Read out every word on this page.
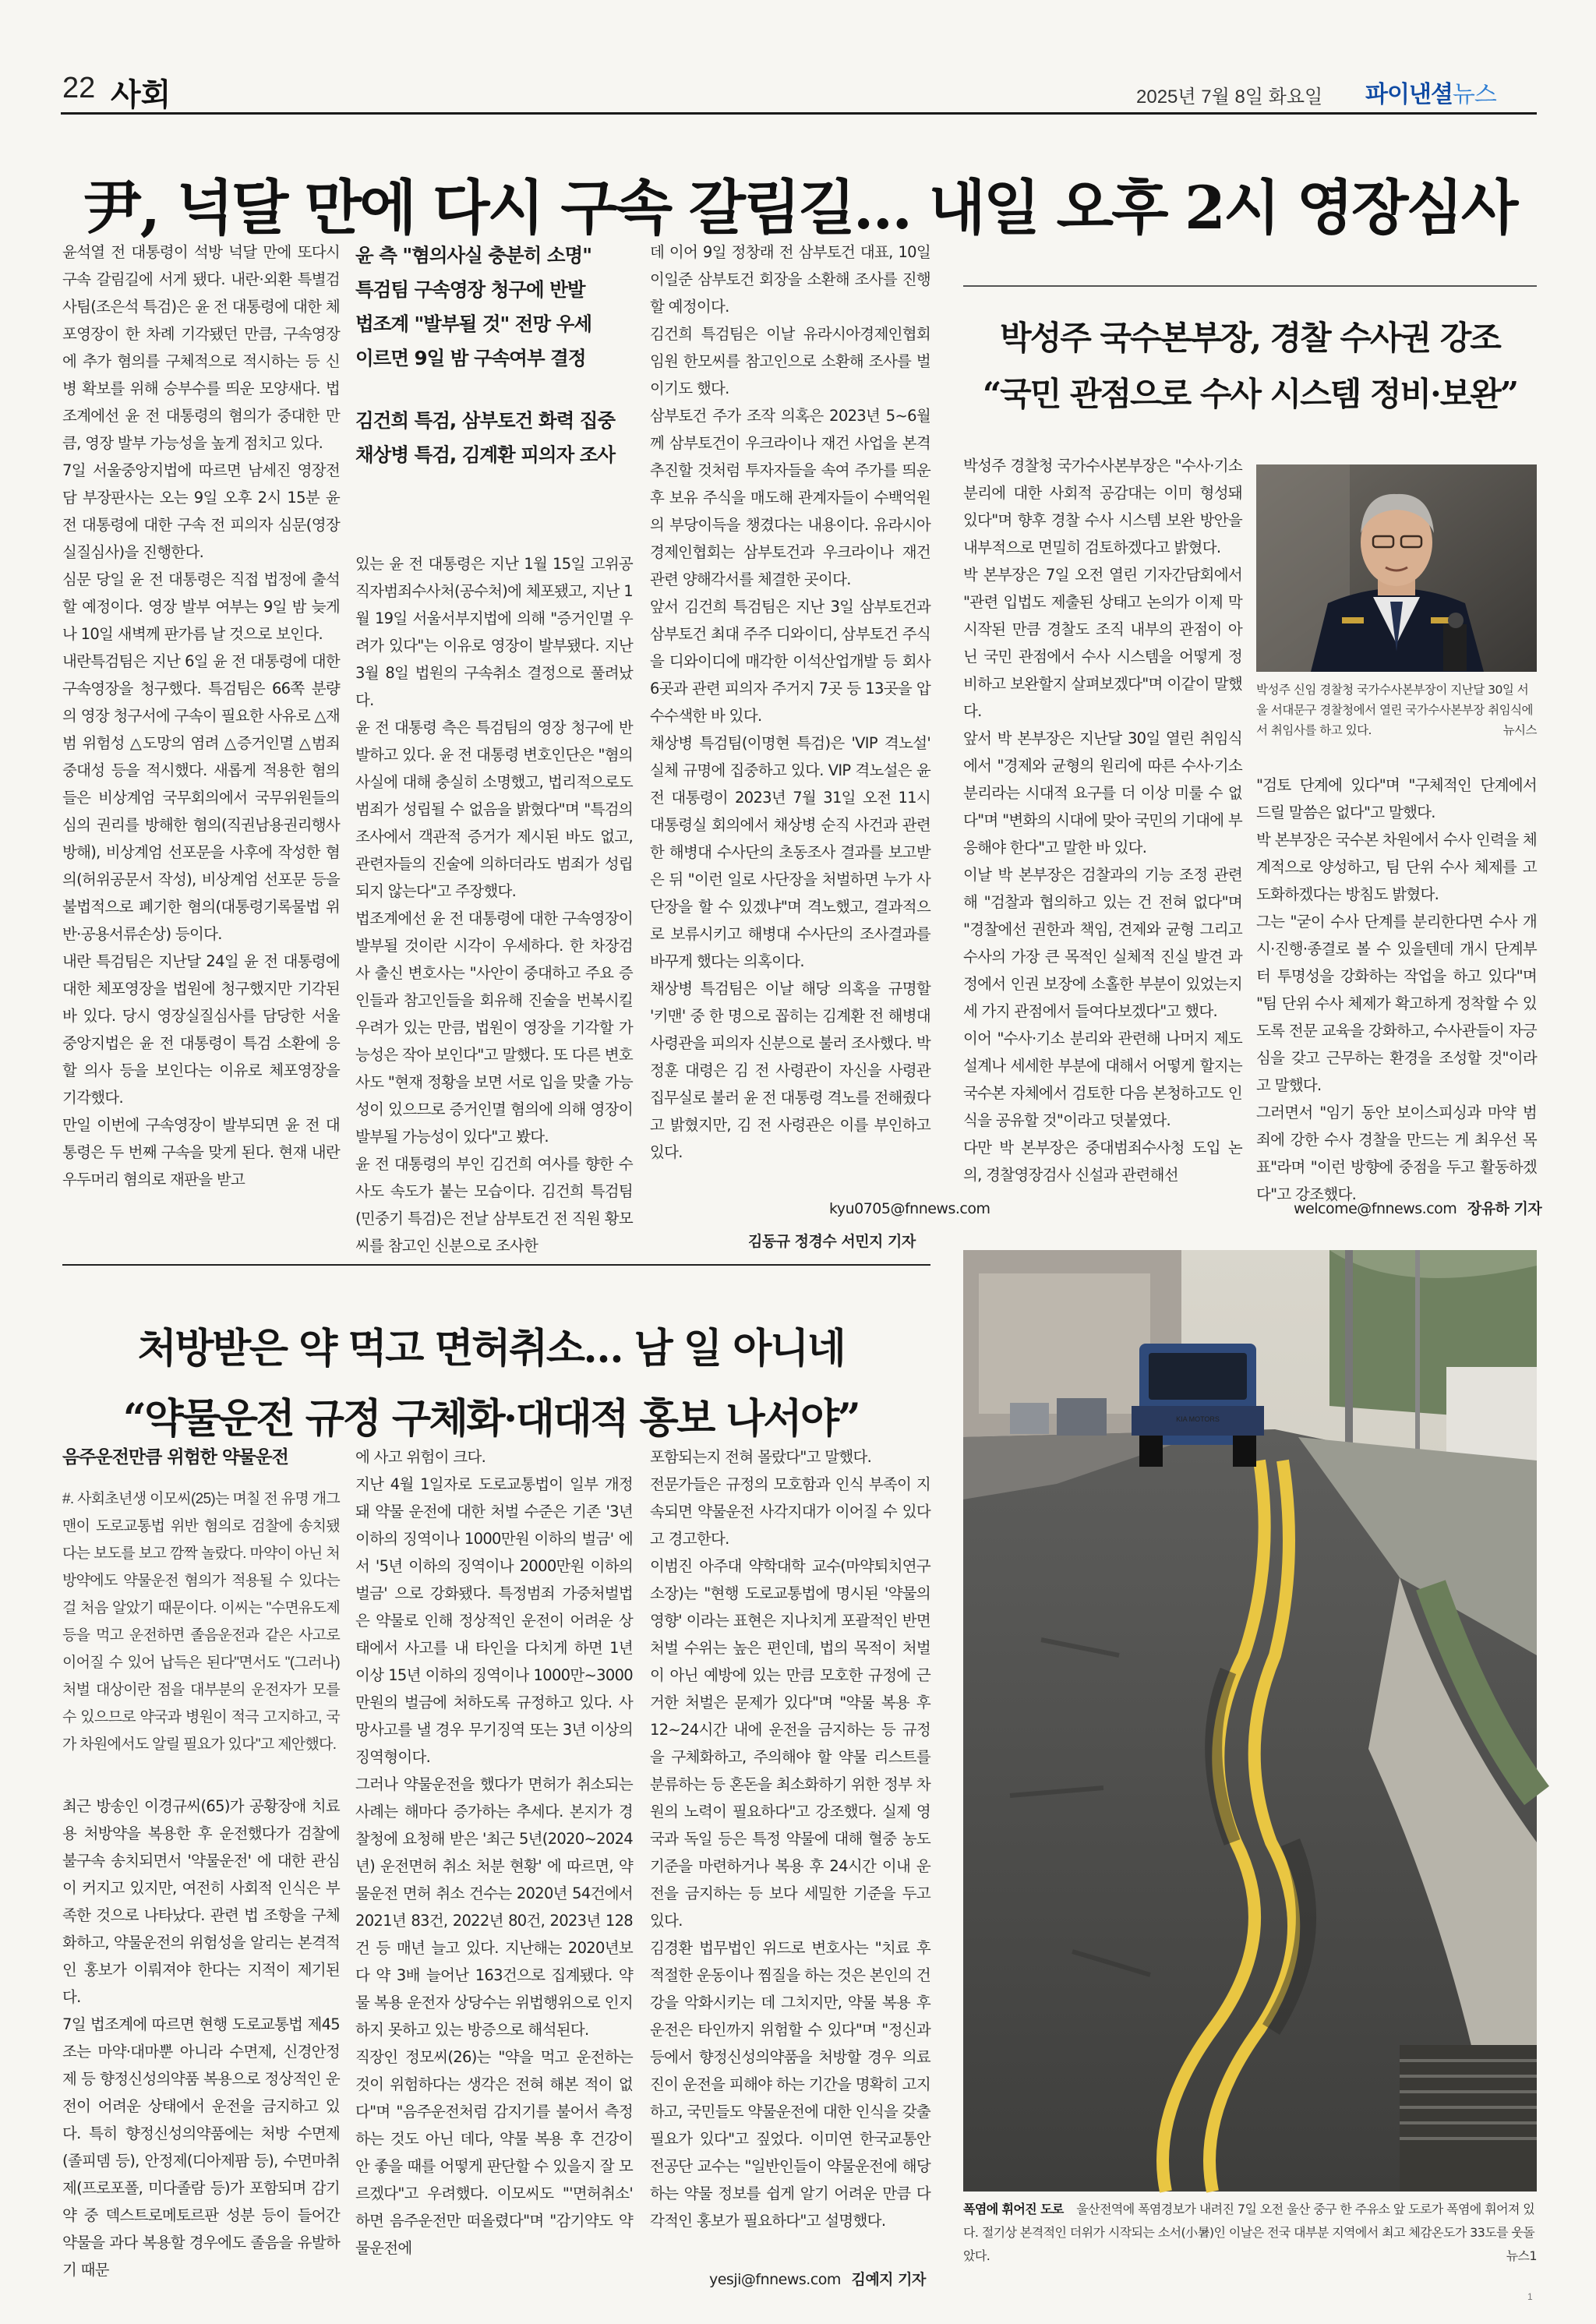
22 사회	2025년 7월 8일 화요일 파이낸셜뉴스
尹, 넉달 만에 다시 구속 갈림길… 내일 오후 2시 영장심사

윤석열 전 대통령이 석방 넉달 만에 또다시 구속 갈림길에 서게 됐다. 내란·외환 특별검사팀(조은석 특검)은 윤 전 대통령에 대한 체포영장이 한 차례 기각됐던 만큼, 구속영장에 추가 혐의를 구체적으로 적시하는 등 신병 확보를 위해 승부수를 띄운 모양새다. 법조계에선 윤 전 대통령의 혐의가 중대한 만큼, 영장 발부 가능성을 높게 점치고 있다.

7일 서울중앙지법에 따르면 남세진 영장전담 부장판사는 오는 9일 오후 2시 15분 윤 전 대통령에 대한 구속 전 피의자 심문(영장실질심사)을 진행한다.

심문 당일 윤 전 대통령은 직접 법정에 출석할 예정이다. 영장 발부 여부는 9일 밤 늦게나 10일 새벽께 판가름 날 것으로 보인다.

내란특검팀은 지난 6일 윤 전 대통령에 대한 구속영장을 청구했다. 특검팀은 66쪽 분량의 영장 청구서에 구속이 필요한 사유로 △재범 위험성 △도망의 염려 △증거인멸 △범죄 중대성 등을 적시했다. 새롭게 적용한 혐의들은 비상계엄 국무회의에서 국무위원들의 심의 권리를 방해한 혐의(직권남용권리행사방해), 비상계엄 선포문을 사후에 작성한 혐의(허위공문서 작성), 비상계엄 선포문 등을 불법적으로 폐기한 혐의(대통령기록물법 위반·공용서류손상) 등이다.

내란 특검팀은 지난달 24일 윤 전 대통령에 대한 체포영장을 법원에 청구했지만 기각된 바 있다. 당시 영장실질심사를 담당한 서울중앙지법은 윤 전 대통령이 특검 소환에 응할 의사 등을 보인다는 이유로 체포영장을 기각했다.

만일 이번에 구속영장이 발부되면 윤 전 대통령은 두 번째 구속을 맞게 된다. 현재 내란 우두머리 혐의로 재판을 받고

윤 측 "혐의사실 충분히 소명"
특검팀 구속영장 청구에 반발
법조계 "발부될 것" 전망 우세
이르면 9일 밤 구속여부 결정
김건희 특검, 삼부토건 화력 집중
채상병 특검, 김계환 피의자 조사

있는 윤 전 대통령은 지난 1월 15일 고위공직자범죄수사처(공수처)에 체포됐고, 지난 1월 19일 서울서부지법에 의해 "증거인멸 우려가 있다"는 이유로 영장이 발부됐다. 지난 3월 8일 법원의 구속취소 결정으로 풀려났다.

윤 전 대통령 측은 특검팀의 영장 청구에 반발하고 있다. 윤 전 대통령 변호인단은 "혐의 사실에 대해 충실히 소명했고, 법리적으로도 범죄가 성립될 수 없음을 밝혔다"며 "특검의 조사에서 객관적 증거가 제시된 바도 없고, 관련자들의 진술에 의하더라도 범죄가 성립되지 않는다"고 주장했다.

법조계에선 윤 전 대통령에 대한 구속영장이 발부될 것이란 시각이 우세하다. 한 차장검사 출신 변호사는 "사안이 중대하고 주요 증인들과 참고인들을 회유해 진술을 번복시킬 우려가 있는 만큼, 법원이 영장을 기각할 가능성은 작아 보인다"고 말했다. 또 다른 변호사도 "현재 정황을 보면 서로 입을 맞출 가능성이 있으므로 증거인멸 혐의에 의해 영장이 발부될 가능성이 있다"고 봤다.

윤 전 대통령의 부인 김건희 여사를 향한 수사도 속도가 붙는 모습이다. 김건희 특검팀(민중기 특검)은 전날 삼부토건 전 직원 황모씨를 참고인 신분으로 조사한

데 이어 9일 정창래 전 삼부토건 대표, 10일 이일준 삼부토건 회장을 소환해 조사를 진행할 예정이다.

김건희 특검팀은 이날 유라시아경제인협회 임원 한모씨를 참고인으로 소환해 조사를 벌이기도 했다.

삼부토건 주가 조작 의혹은 2023년 5~6월께 삼부토건이 우크라이나 재건 사업을 본격 추진할 것처럼 투자자들을 속여 주가를 띄운 후 보유 주식을 매도해 관계자들이 수백억원의 부당이득을 챙겼다는 내용이다. 유라시아경제인협회는 삼부토건과 우크라이나 재건 관련 양해각서를 체결한 곳이다.

앞서 김건희 특검팀은 지난 3일 삼부토건과 삼부토건 최대 주주 디와이디, 삼부토건 주식을 디와이디에 매각한 이석산업개발 등 회사 6곳과 관련 피의자 주거지 7곳 등 13곳을 압수수색한 바 있다.

채상병 특검팀(이명현 특검)은 'VIP 격노설' 실체 규명에 집중하고 있다. VIP 격노설은 윤 전 대통령이 2023년 7월 31일 오전 11시 대통령실 회의에서 채상병 순직 사건과 관련한 해병대 수사단의 초동조사 결과를 보고받은 뒤 "이런 일로 사단장을 처벌하면 누가 사단장을 할 수 있겠냐"며 격노했고, 결과적으로 보류시키고 해병대 수사단의 조사결과를 바꾸게 했다는 의혹이다.

채상병 특검팀은 이날 해당 의혹을 규명할 '키맨' 중 한 명으로 꼽히는 김계환 전 해병대사령관을 피의자 신분으로 불러 조사했다. 박정훈 대령은 김 전 사령관이 자신을 사령관 집무실로 불러 윤 전 대통령 격노를 전해줬다고 밝혔지만, 김 전 사령관은 이를 부인하고 있다.

kyu0705@fnnews.com
김동규 정경수 서민지 기자
박성주 국수본부장, 경찰 수사권 강조
“국민 관점으로 수사 시스템 정비·보완”

박성주 경찰청 국가수사본부장은 "수사·기소 분리에 대한 사회적 공감대는 이미 형성돼 있다"며 향후 경찰 수사 시스템 보완 방안을 내부적으로 면밀히 검토하겠다고 밝혔다.

박 본부장은 7일 오전 열린 기자간담회에서 "관련 입법도 제출된 상태고 논의가 이제 막 시작된 만큼 경찰도 조직 내부의 관점이 아닌 국민 관점에서 수사 시스템을 어떻게 정비하고 보완할지 살펴보겠다"며 이같이 말했다.

앞서 박 본부장은 지난달 30일 열린 취임식에서 "경제와 균형의 원리에 따른 수사·기소 분리라는 시대적 요구를 더 이상 미룰 수 없다"며 "변화의 시대에 맞아 국민의 기대에 부응해야 한다"고 말한 바 있다.

이날 박 본부장은 검찰과의 기능 조정 관련해 "검찰과 협의하고 있는 건 전혀 없다"며 "경찰에선 권한과 책임, 견제와 균형 그리고 수사의 가장 큰 목적인 실체적 진실 발견 과정에서 인권 보장에 소홀한 부분이 있었는지 세 가지 관점에서 들여다보겠다"고 했다.

이어 "수사·기소 분리와 관련해 나머지 제도 설계나 세세한 부분에 대해서 어떻게 할지는 국수본 자체에서 검토한 다음 본청하고도 인식을 공유할 것"이라고 덧붙였다.

다만 박 본부장은 중대범죄수사청 도입 논의, 경찰영장검사 신설과 관련해선

박성주 신임 경찰청 국가수사본부장이 지난달 30일 서울 서대문구 경찰청에서 열린 국가수사본부장 취임식에서 취임사를 하고 있다.	뉴시스

"검토 단계에 있다"며 "구체적인 단계에서 드릴 말씀은 없다"고 말했다.

박 본부장은 국수본 차원에서 수사 인력을 체계적으로 양성하고, 팀 단위 수사 체제를 고도화하겠다는 방침도 밝혔다.

그는 "굳이 수사 단계를 분리한다면 수사 개시·진행·종결로 볼 수 있을텐데 개시 단계부터 투명성을 강화하는 작업을 하고 있다"며 "팀 단위 수사 체제가 확고하게 정착할 수 있도록 전문 교육을 강화하고, 수사관들이 자긍심을 갖고 근무하는 환경을 조성할 것"이라고 말했다.

그러면서 "임기 동안 보이스피싱과 마약 범죄에 강한 수사 경찰을 만드는 게 최우선 목표"라며 "이런 방향에 중점을 두고 활동하겠다"고 강조했다.

welcome@fnnews.com 장유하 기자
처방받은 약 먹고 면허취소… 남 일 아니네
“약물운전 규정 구체화·대대적 홍보 나서야”
음주운전만큼 위험한 약물운전

#. 사회초년생 이모씨(25)는 며칠 전 유명 개그맨이 도로교통법 위반 혐의로 검찰에 송치됐다는 보도를 보고 깜짝 놀랐다. 마약이 아닌 처방약에도 약물운전 혐의가 적용될 수 있다는 걸 처음 알았기 때문이다. 이씨는 "수면유도제 등을 먹고 운전하면 졸음운전과 같은 사고로 이어질 수 있어 납득은 된다"면서도 "(그러나) 처벌 대상이란 점을 대부분의 운전자가 모를 수 있으므로 약국과 병원이 적극 고지하고, 국가 차원에서도 알릴 필요가 있다"고 제안했다.

최근 방송인 이경규씨(65)가 공황장애 치료용 처방약을 복용한 후 운전했다가 검찰에 불구속 송치되면서 '약물운전' 에 대한 관심이 커지고 있지만, 여전히 사회적 인식은 부족한 것으로 나타났다. 관련 법 조항을 구체화하고, 약물운전의 위험성을 알리는 본격적인 홍보가 이뤄져야 한다는 지적이 제기된다.

7일 법조계에 따르면 현행 도로교통법 제45조는 마약·대마뿐 아니라 수면제, 신경안정제 등 향정신성의약품 복용으로 정상적인 운전이 어려운 상태에서 운전을 금지하고 있다. 특히 향정신성의약품에는 처방 수면제(졸피뎀 등), 안정제(디아제팜 등), 수면마취제(프로포폴, 미다졸람 등)가 포함되며 감기약 중 덱스트로메토르판 성분 등이 들어간 약물을 과다 복용할 경우에도 졸음을 유발하기 때문

에 사고 위험이 크다.

지난 4월 1일자로 도로교통법이 일부 개정돼 약물 운전에 대한 처벌 수준은 기존 '3년 이하의 징역이나 1000만원 이하의 벌금' 에서 '5년 이하의 징역이나 2000만원 이하의 벌금' 으로 강화됐다. 특정범죄 가중처벌법은 약물로 인해 정상적인 운전이 어려운 상태에서 사고를 내 타인을 다치게 하면 1년 이상 15년 이하의 징역이나 1000만~3000만원의 벌금에 처하도록 규정하고 있다. 사망사고를 낼 경우 무기징역 또는 3년 이상의 징역형이다.

그러나 약물운전을 했다가 면허가 취소되는 사례는 해마다 증가하는 추세다. 본지가 경찰청에 요청해 받은 '최근 5년(2020~2024년) 운전면허 취소 처분 현황' 에 따르면, 약물운전 면허 취소 건수는 2020년 54건에서 2021년 83건, 2022년 80건, 2023년 128건 등 매년 늘고 있다. 지난해는 2020년보다 약 3배 늘어난 163건으로 집계됐다. 약물 복용 운전자 상당수는 위법행위으로 인지하지 못하고 있는 방증으로 해석된다.

직장인 정모씨(26)는 "약을 먹고 운전하는 것이 위험하다는 생각은 전혀 해본 적이 없다"며 "음주운전처럼 감지기를 불어서 측정하는 것도 아닌 데다, 약물 복용 후 건강이 안 좋을 때를 어떻게 판단할 수 있을지 잘 모르겠다"고 우려했다. 이모씨도 "'면허취소' 하면 음주운전만 떠올렸다"며 "감기약도 약물운전에

포함되는지 전혀 몰랐다"고 말했다.

전문가들은 규정의 모호함과 인식 부족이 지속되면 약물운전 사각지대가 이어질 수 있다고 경고한다.

이범진 아주대 약학대학 교수(마약퇴치연구소장)는 "현행 도로교통법에 명시된 '약물의 영향' 이라는 표현은 지나치게 포괄적인 반면 처벌 수위는 높은 편인데, 법의 목적이 처벌이 아닌 예방에 있는 만큼 모호한 규정에 근거한 처벌은 문제가 있다"며 "약물 복용 후 12~24시간 내에 운전을 금지하는 등 규정을 구체화하고, 주의해야 할 약물 리스트를 분류하는 등 혼돈을 최소화하기 위한 정부 차원의 노력이 필요하다"고 강조했다. 실제 영국과 독일 등은 특정 약물에 대해 혈중 농도 기준을 마련하거나 복용 후 24시간 이내 운전을 금지하는 등 보다 세밀한 기준을 두고 있다.

김경환 법무법인 위드로 변호사는 "치료 후 적절한 운동이나 찜질을 하는 것은 본인의 건강을 악화시키는 데 그치지만, 약물 복용 후 운전은 타인까지 위험할 수 있다"며 "정신과 등에서 향정신성의약품을 처방할 경우 의료진이 운전을 피해야 하는 기간을 명확히 고지하고, 국민들도 약물운전에 대한 인식을 갖출 필요가 있다"고 짚었다. 이미연 한국교통안전공단 교수는 "일반인들이 약물운전에 해당하는 약물 정보를 쉽게 알기 어려운 만큼 다각적인 홍보가 필요하다"고 설명했다.

yesji@fnnews.com 김예지 기자
KIA MOTORS
폭염에 휘어진 도로 울산전역에 폭염경보가 내려진 7일 오전 울산 중구 한 주유소 앞 도로가 폭염에 휘어져 있다. 절기상 본격적인 더위가 시작되는 소서(小暑)인 이날은 전국 대부분 지역에서 최고 체감온도가 33도를 웃돌았다.	뉴스1
1
